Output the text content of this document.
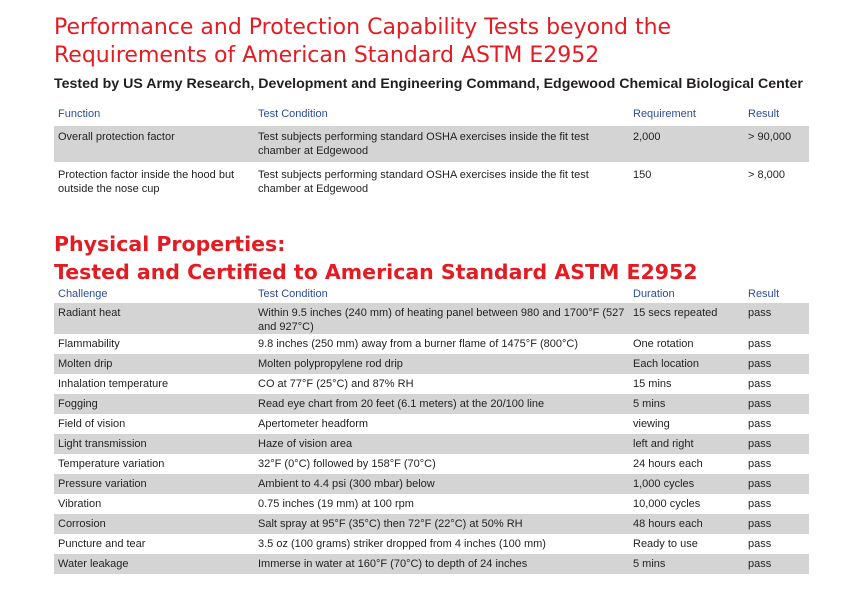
Performance and Protection Capability Tests beyond the
Requirements of American Standard ASTM E2952

Tested by US Army Research, Development and Engineering Command, Edgewood Chemical Biological Center

Function	Test Condition	Requirement	Result
Overall protection factor	Test subjects performing standard OSHA exercises inside the fit test chamber at Edgewood	2,000	> 90,000
Protection factor inside the hood but outside the nose cup	Test subjects performing standard OSHA exercises inside the fit test chamber at Edgewood	150	> 8,000
Physical Properties:
Tested and Certified to American Standard ASTM E2952
Challenge	Test Condition	Duration	Result
Radiant heat	Within 9.5 inches (240 mm) of heating panel between 980 and 1700°F (527 and 927°C)	15 secs repeated	pass
Flammability	9.8 inches (250 mm) away from a burner flame of 1475°F (800°C)	One rotation	pass
Molten drip	Molten polypropylene rod drip	Each location	pass
Inhalation temperature	CO at 77°F (25°C) and 87% RH	15 mins	pass
Fogging	Read eye chart from 20 feet (6.1 meters) at the 20/100 line	5 mins	pass
Field of vision	Apertometer headform	viewing	pass
Light transmission	Haze of vision area	left and right	pass
Temperature variation	32°F (0°C) followed by 158°F (70°C)	24 hours each	pass
Pressure variation	Ambient to 4.4 psi (300 mbar) below	1,000 cycles	pass
Vibration	0.75 inches (19 mm) at 100 rpm	10,000 cycles	pass
Corrosion	Salt spray at 95°F (35°C) then 72°F (22°C) at 50% RH	48 hours each	pass
Puncture and tear	3.5 oz (100 grams) striker dropped from 4 inches (100 mm)	Ready to use	pass
Water leakage	Immerse in water at 160°F (70°C) to depth of 24 inches	5 mins	pass
